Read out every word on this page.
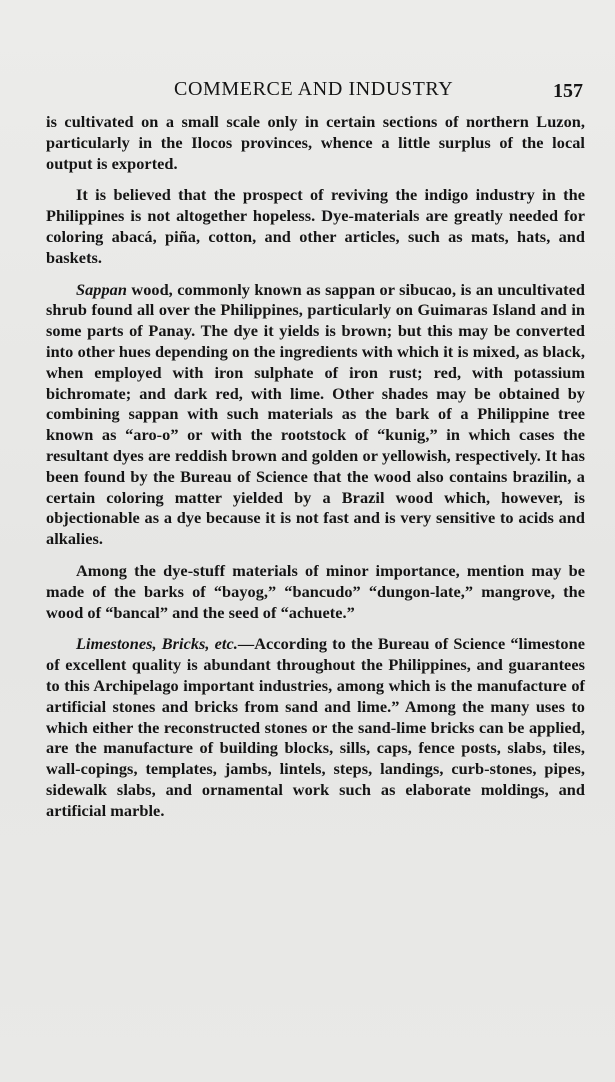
COMMERCE AND INDUSTRY	157

is cultivated on a small scale only in certain sections of northern Luzon, particularly in the Ilocos provinces, whence a little surplus of the local output is exported.

It is believed that the prospect of reviving the indigo industry in the Philippines is not altogether hopeless. Dye-materials are greatly needed for coloring abacá, piña, cotton, and other articles, such as mats, hats, and baskets.

Sappan wood, commonly known as sappan or sibucao, is an uncultivated shrub found all over the Philippines, particularly on Guimaras Island and in some parts of Panay. The dye it yields is brown; but this may be converted into other hues depending on the ingredients with which it is mixed, as black, when employed with iron sulphate of iron rust; red, with potassium bichromate; and dark red, with lime. Other shades may be obtained by combining sappan with such materials as the bark of a Philippine tree known as “aro-o” or with the rootstock of “kunig,” in which cases the resultant dyes are reddish brown and golden or yellowish, respectively. It has been found by the Bureau of Science that the wood also contains brazilin, a certain coloring matter yielded by a Brazil wood which, however, is objectionable as a dye because it is not fast and is very sensitive to acids and alkalies.

Among the dye-stuff materials of minor importance, mention may be made of the barks of “bayog,” “bancudo” “dungon-late,” mangrove, the wood of “bancal” and the seed of “achuete.”

Limestones, Bricks, etc.—According to the Bureau of Science “limestone of excellent quality is abundant throughout the Philippines, and guarantees to this Archipelago important industries, among which is the manufacture of artificial stones and bricks from sand and lime.” Among the many uses to which either the reconstructed stones or the sand-lime bricks can be applied, are the manufacture of building blocks, sills, caps, fence posts, slabs, tiles, wall-copings, templates, jambs, lintels, steps, landings, curb-stones, pipes, sidewalk slabs, and ornamental work such as elaborate moldings, and artificial marble.
